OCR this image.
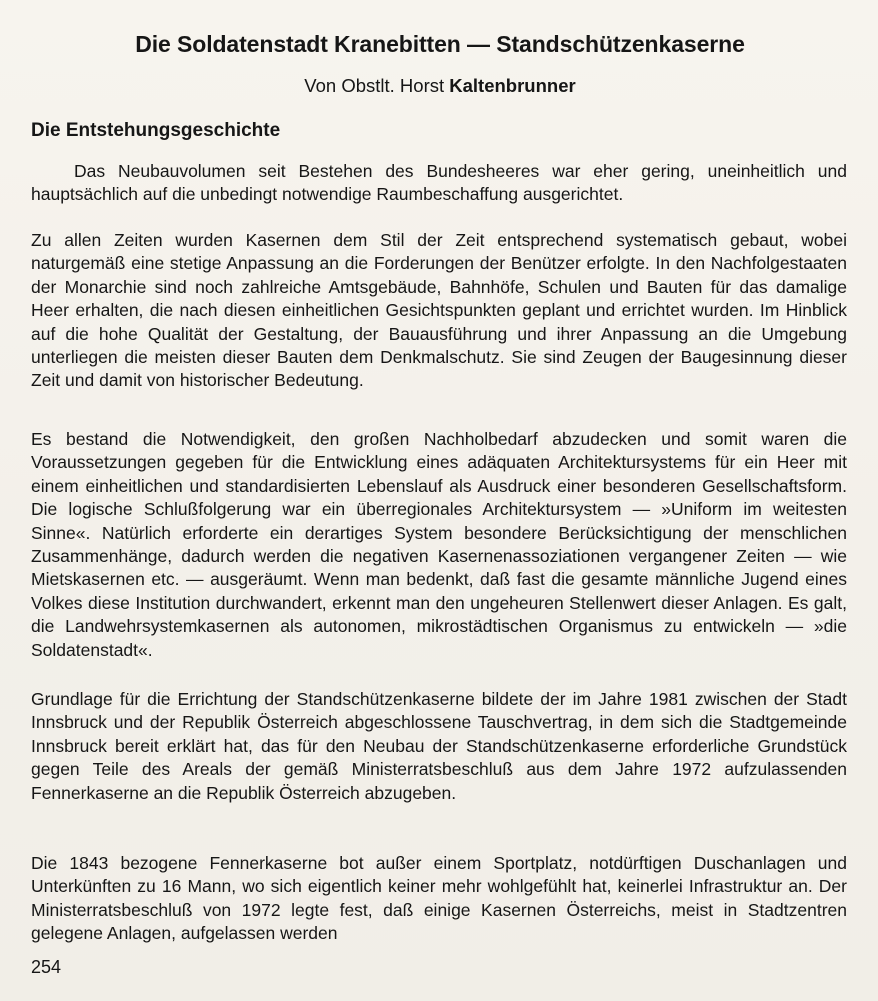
Die Soldatenstadt Kranebitten — Standschützenkaserne

Von Obstlt. Horst Kaltenbrunner

Die Entstehungsgeschichte

Das Neubauvolumen seit Bestehen des Bundesheeres war eher gering, uneinheitlich und hauptsächlich auf die unbedingt notwendige Raumbeschaffung ausgerichtet.

Zu allen Zeiten wurden Kasernen dem Stil der Zeit entsprechend systematisch gebaut, wobei naturgemäß eine stetige Anpassung an die Forderungen der Benützer erfolgte. In den Nachfolgestaaten der Monarchie sind noch zahlreiche Amtsgebäude, Bahnhöfe, Schulen und Bauten für das damalige Heer erhalten, die nach diesen einheitlichen Gesichtspunkten geplant und errichtet wurden. Im Hinblick auf die hohe Qualität der Gestaltung, der Bauausführung und ihrer Anpassung an die Umgebung unterliegen die meisten dieser Bauten dem Denkmalschutz. Sie sind Zeugen der Baugesinnung dieser Zeit und damit von historischer Bedeutung.

Es bestand die Notwendigkeit, den großen Nachholbedarf abzudecken und somit waren die Voraussetzungen gegeben für die Entwicklung eines adäquaten Architektursystems für ein Heer mit einem einheitlichen und standardisierten Lebenslauf als Ausdruck einer besonderen Gesellschaftsform. Die logische Schlußfolgerung war ein überregionales Architektursystem — »Uniform im weitesten Sinne«. Natürlich erforderte ein derartiges System besondere Berücksichtigung der menschlichen Zusammenhänge, dadurch werden die negativen Kasernenassoziationen vergangener Zeiten — wie Mietskasernen etc. — ausgeräumt. Wenn man bedenkt, daß fast die gesamte männliche Jugend eines Volkes diese Institution durchwandert, erkennt man den ungeheuren Stellenwert dieser Anlagen. Es galt, die Landwehrsystemkasernen als autonomen, mikrostädtischen Organismus zu entwickeln — »die Soldatenstadt«.

Grundlage für die Errichtung der Standschützenkaserne bildete der im Jahre 1981 zwischen der Stadt Innsbruck und der Republik Österreich abgeschlossene Tauschvertrag, in dem sich die Stadtgemeinde Innsbruck bereit erklärt hat, das für den Neubau der Standschützenkaserne erforderliche Grundstück gegen Teile des Areals der gemäß Ministerratsbeschluß aus dem Jahre 1972 aufzulassenden Fennerkaserne an die Republik Österreich abzugeben.

Die 1843 bezogene Fennerkaserne bot außer einem Sportplatz, notdürftigen Duschanlagen und Unterkünften zu 16 Mann, wo sich eigentlich keiner mehr wohlgefühlt hat, keinerlei Infrastruktur an. Der Ministerratsbeschluß von 1972 legte fest, daß einige Kasernen Österreichs, meist in Stadtzentren gelegene Anlagen, aufgelassen werden

254
